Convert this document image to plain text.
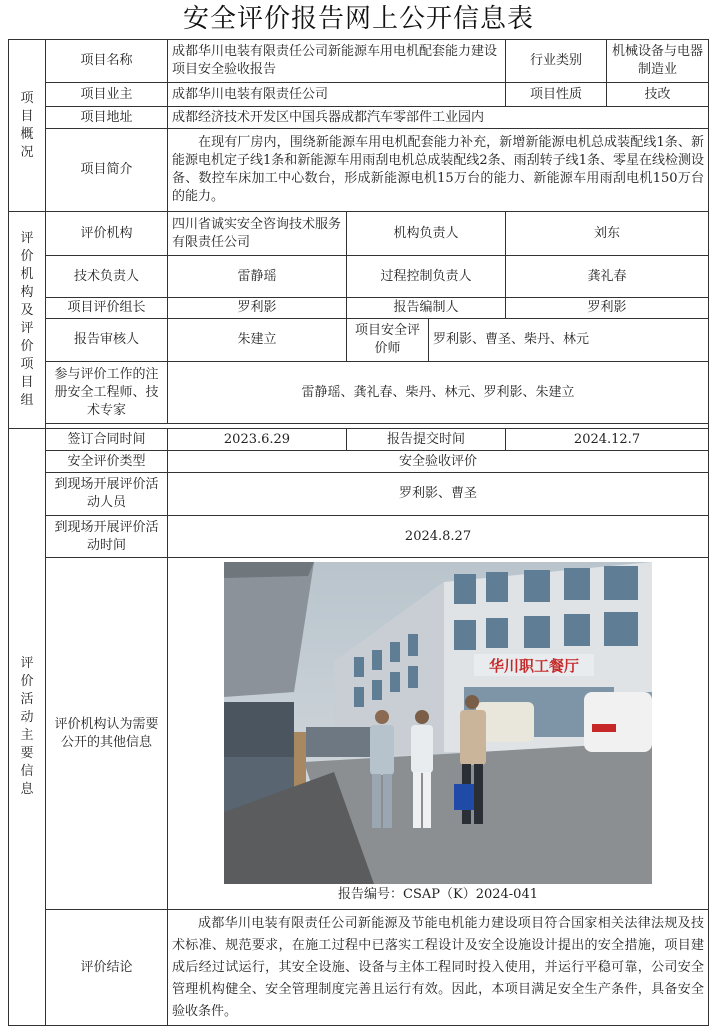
安全评价报告网上公开信息表
项目概况	项目名称	成都华川电装有限责任公司新能源车用电机配套能力建设项目安全验收报告			行业类别	机械设备与电器制造业
	项目业主	成都华川电装有限责任公司			项目性质	技改
	项目地址	成都经济技术开发区中国兵器成都汽车零部件工业园内				
	项目简介	在现有厂房内，围绕新能源车用电机配套能力补充，新增新能源电机总成装配线1条、新能源电机定子线1条和新能源车用雨刮电机总成装配线2条、雨刮转子线1条、零星在线检测设备、数控车床加工中心数台，形成新能源电机15万台的能力、新能源车用雨刮电机150万台的能力。				

评价机构及评价项目组	评价机构	四川省诚实安全咨询技术服务有限责任公司	机构负责人		刘东	
	技术负责人	雷静瑶	过程控制负责人		龚礼春	
	项目评价组长	罗利影	报告编制人		罗利影	
	报告审核人	朱建立	项目安全评价师	罗利影、曹圣、柴丹、林元		
	参与评价工作的注册安全工程师、技术专家	雷静瑶、龚礼春、柴丹、林元、罗利影、朱建立				

评价活动主要信息	签订合同时间	2023.6.29	报告提交时间		2024.12.7	
	安全评价类型	安全验收评价				
	到现场开展评价活动人员	罗利影、曹圣				
	到现场开展评价活动时间	2024.8.27				
	评价机构认为需要公开的其他信息	华川职工餐厅
报告编号：CSAP（K）2024-041				

	评价结论	成都华川电装有限责任公司新能源及节能电机能力建设项目符合国家相关法律法规及技术标准、规范要求，在施工过程中已落实工程设计及安全设施设计提出的安全措施，项目建成后经过试运行，其安全设施、设备与主体工程同时投入使用，并运行平稳可靠，公司安全管理机构健全、安全管理制度完善且运行有效。因此，本项目满足安全生产条件，具备安全验收条件。				
